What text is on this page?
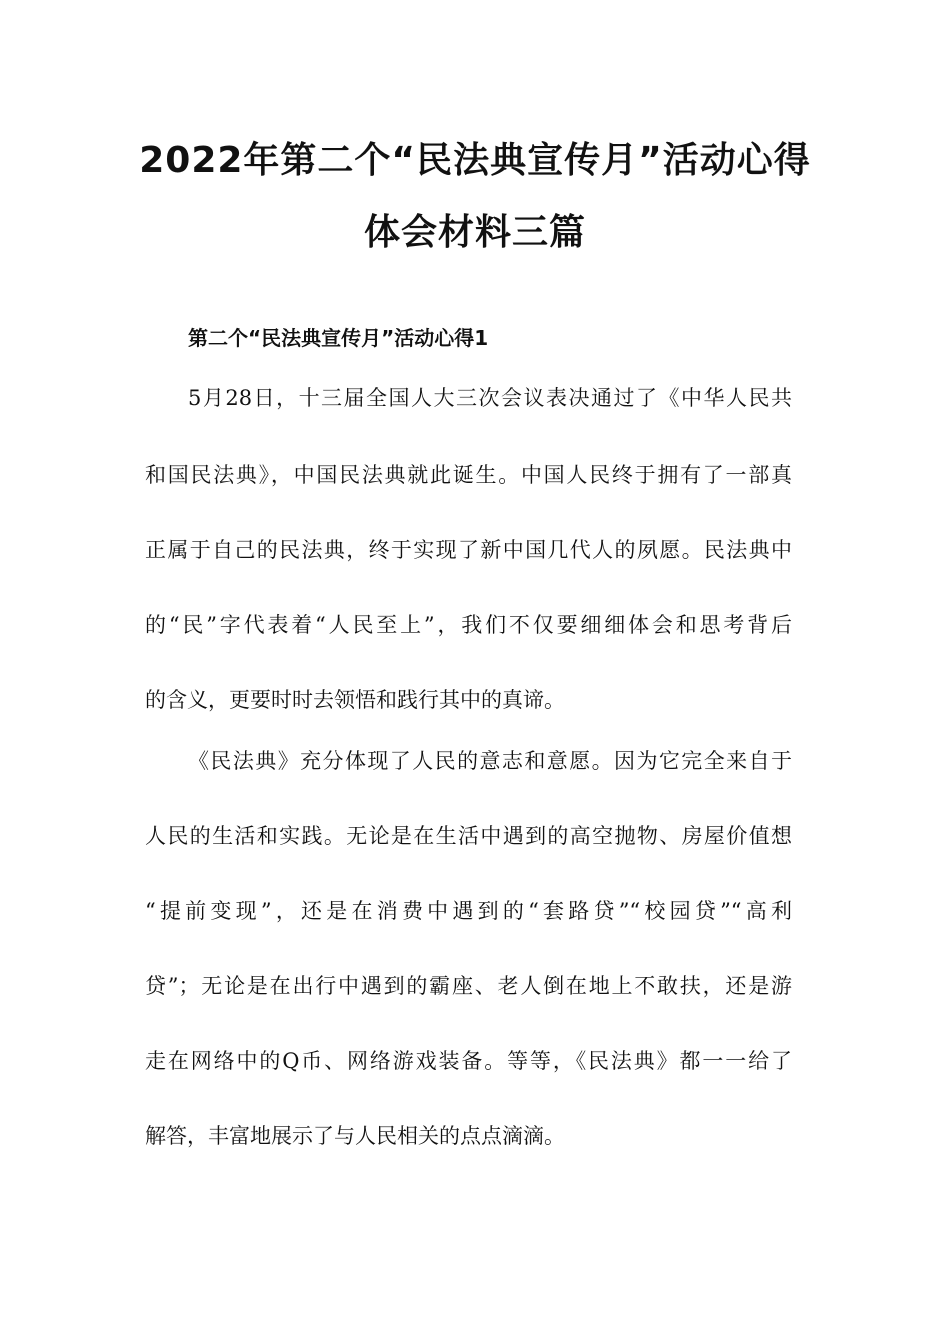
2022年第二个“民法典宣传月”活动心得
体会材料三篇
第二个“民法典宣传月”活动心得1
5月28日，十三届全国人大三次会议表决通过了《中华人民共
和国民法典》，中国民法典就此诞生。中国人民终于拥有了一部真
正属于自己的民法典，终于实现了新中国几代人的夙愿。民法典中
的“民”字代表着“人民至上”，我们不仅要细细体会和思考背后
的含义，更要时时去领悟和践行其中的真谛。
《民法典》充分体现了人民的意志和意愿。因为它完全来自于
人民的生活和实践。无论是在生活中遇到的高空抛物、房屋价值想
“提前变现”，还是在消费中遇到的“套路贷”“校园贷”“高利
贷”；无论是在出行中遇到的霸座、老人倒在地上不敢扶，还是游
走在网络中的Q币、网络游戏装备。等等，《民法典》都一一给了
解答，丰富地展示了与人民相关的点点滴滴。
